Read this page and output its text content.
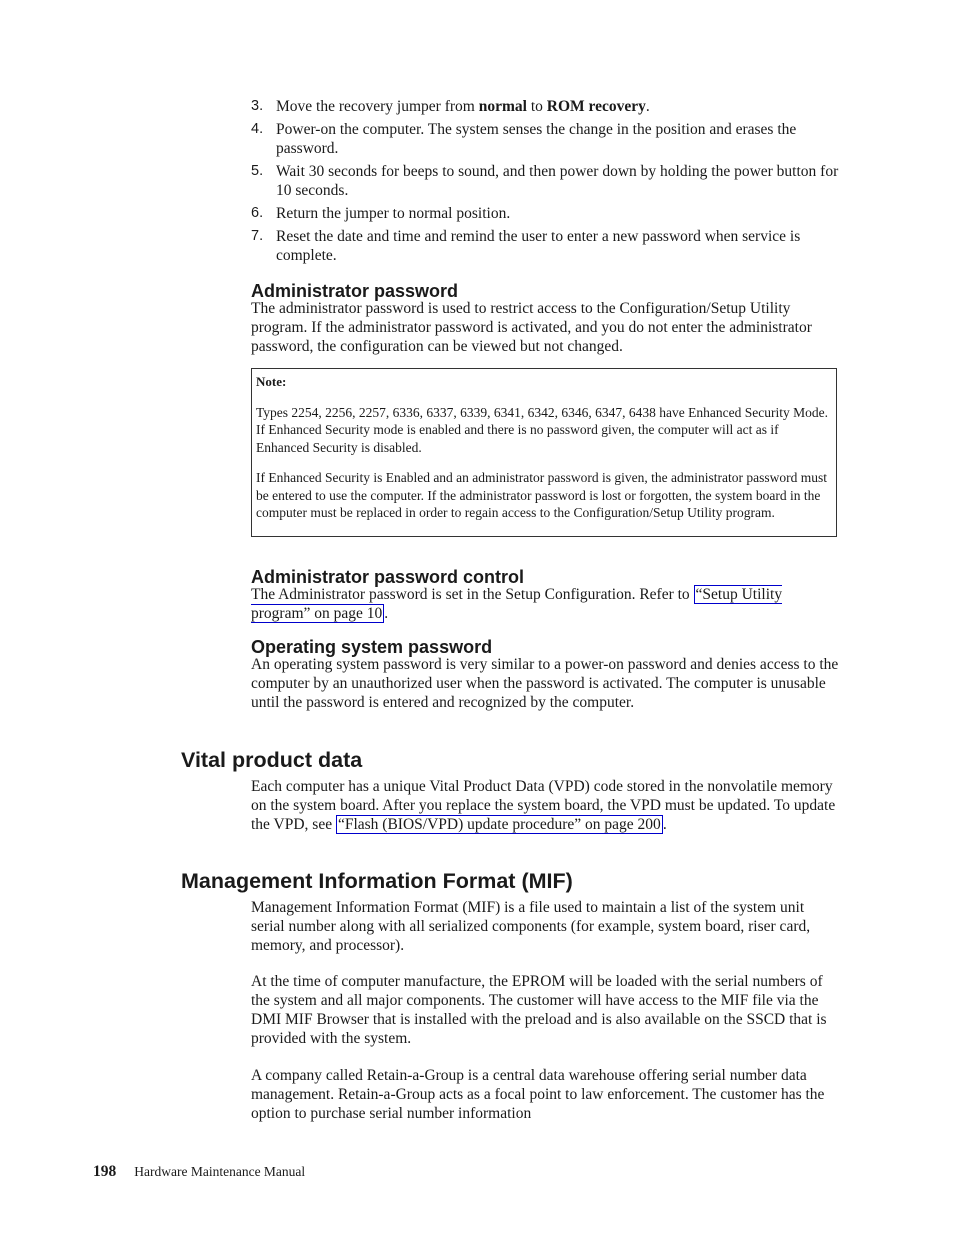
3. Move the recovery jumper from normal to ROM recovery.
4. Power-on the computer. The system senses the change in the position and erases the password.
5. Wait 30 seconds for beeps to sound, and then power down by holding the power button for 10 seconds.
6. Return the jumper to normal position.
7. Reset the date and time and remind the user to enter a new password when service is complete.
Administrator password

The administrator password is used to restrict access to the Configuration/Setup Utility program. If the administrator password is activated, and you do not enter the administrator password, the configuration can be viewed but not changed.

Note:

Types 2254, 2256, 2257, 6336, 6337, 6339, 6341, 6342, 6346, 6347, 6438 have Enhanced Security Mode. If Enhanced Security mode is enabled and there is no password given, the computer will act as if Enhanced Security is disabled.

If Enhanced Security is Enabled and an administrator password is given, the administrator password must be entered to use the computer. If the administrator password is lost or forgotten, the system board in the computer must be replaced in order to regain access to the Configuration/Setup Utility program.

Administrator password control

The Administrator password is set in the Setup Configuration. Refer to “Setup Utility program” on page 10 .

Operating system password

An operating system password is very similar to a power-on password and denies access to the computer by an unauthorized user when the password is activated. The computer is unusable until the password is entered and recognized by the computer.

Vital product data

Each computer has a unique Vital Product Data (VPD) code stored in the nonvolatile memory on the system board. After you replace the system board, the VPD must be updated. To update the VPD, see “Flash (BIOS/VPD) update procedure” on page 200 .

Management Information Format (MIF)

Management Information Format (MIF) is a file used to maintain a list of the system unit serial number along with all serialized components (for example, system board, riser card, memory, and processor).

At the time of computer manufacture, the EPROM will be loaded with the serial numbers of the system and all major components. The customer will have access to the MIF file via the DMI MIF Browser that is installed with the preload and is also available on the SSCD that is provided with the system.

A company called Retain-a-Group is a central data warehouse offering serial number data management. Retain-a-Group acts as a focal point to law enforcement. The customer has the option to purchase serial number information

198 Hardware Maintenance Manual
